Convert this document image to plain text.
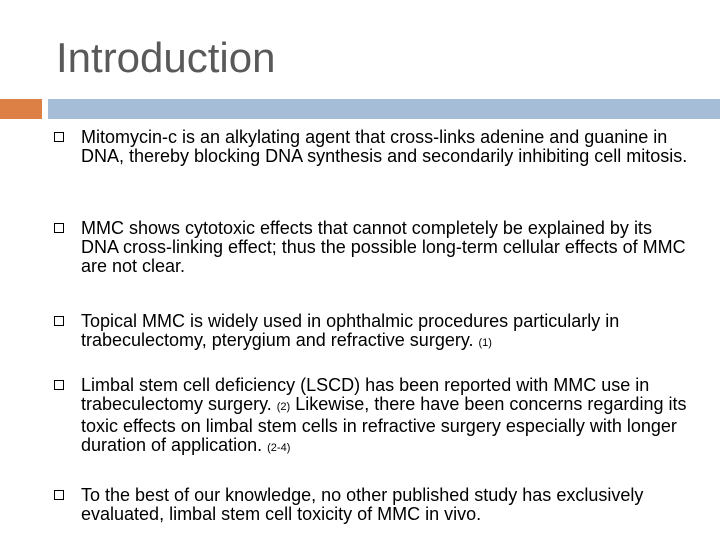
Introduction
Mitomycin-c is an alkylating agent that cross-links adenine and guanine in DNA, thereby blocking DNA synthesis and secondarily inhibiting cell mitosis.
MMC shows cytotoxic effects that cannot completely be explained by its DNA cross-linking effect; thus the possible long-term cellular effects of MMC are not clear.
Topical MMC is widely used in ophthalmic procedures particularly in trabeculectomy, pterygium and refractive surgery. (1)
Limbal stem cell deficiency (LSCD) has been reported with MMC use in trabeculectomy surgery. (2) Likewise, there have been concerns regarding its toxic effects on limbal stem cells in refractive surgery especially with longer duration of application. (2-4)
To the best of our knowledge, no other published study has exclusively evaluated, limbal stem cell toxicity of MMC in vivo.
